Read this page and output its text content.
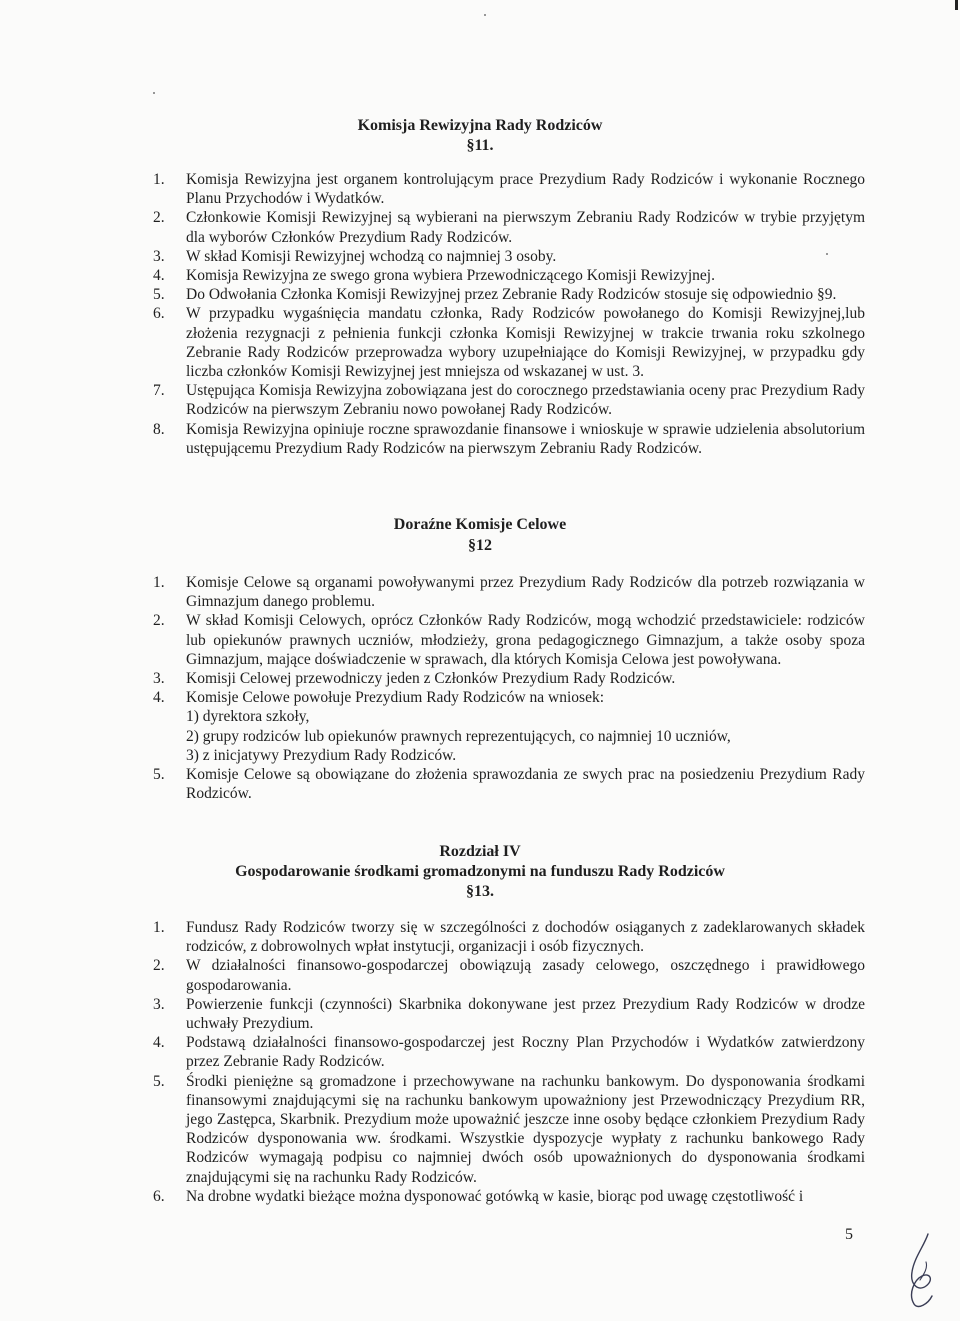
Komisja Rewizyjna Rady Rodziców
§11.
1. Komisja Rewizyjna jest organem kontrolującym prace Prezydium Rady Rodziców i wykonanie Rocznego Planu Przychodów i Wydatków.
2. Członkowie Komisji Rewizyjnej są wybierani na pierwszym Zebraniu Rady Rodziców w trybie przyjętym dla wyborów Członków Prezydium Rady Rodziców.
3. W skład Komisji Rewizyjnej wchodzą co najmniej 3 osoby.
4. Komisja Rewizyjna ze swego grona wybiera Przewodniczącego Komisji Rewizyjnej.
5. Do Odwołania Członka Komisji Rewizyjnej przez Zebranie Rady Rodziców stosuje się odpowiednio §9.
6. W przypadku wygaśnięcia mandatu członka, Rady Rodziców powołanego do Komisji Rewizyjnej,lub złożenia rezygnacji z pełnienia funkcji członka Komisji Rewizyjnej w trakcie trwania roku szkolnego Zebranie Rady Rodziców przeprowadza wybory uzupełniające do Komisji Rewizyjnej, w przypadku gdy liczba członków Komisji Rewizyjnej jest mniejsza od wskazanej w ust. 3.
7. Ustępująca Komisja Rewizyjna zobowiązana jest do corocznego przedstawiania oceny prac Prezydium Rady Rodziców na pierwszym Zebraniu nowo powołanej Rady Rodziców.
8. Komisja Rewizyjna opiniuje roczne sprawozdanie finansowe i wnioskuje w sprawie udzielenia absolutorium ustępującemu Prezydium Rady Rodziców na pierwszym Zebraniu Rady Rodziców.
Doraźne Komisje Celowe
§12
1. Komisje Celowe są organami powoływanymi przez Prezydium Rady Rodziców dla potrzeb rozwiązania w Gimnazjum danego problemu.
2. W skład Komisji Celowych, oprócz Członków Rady Rodziców, mogą wchodzić przedstawiciele: rodziców lub opiekunów prawnych uczniów, młodzieży, grona pedagogicznego Gimnazjum, a także osoby spoza Gimnazjum, mające doświadczenie w sprawach, dla których Komisja Celowa jest powoływana.
3. Komisji Celowej przewodniczy jeden z Członków Prezydium Rady Rodziców.
4. Komisje Celowe powołuje Prezydium Rady Rodziców na wniosek:
1) dyrektora szkoły,
2) grupy rodziców lub opiekunów prawnych reprezentujących, co najmniej 10 uczniów,
3) z inicjatywy Prezydium Rady Rodziców.
5. Komisje Celowe są obowiązane do złożenia sprawozdania ze swych prac na posiedzeniu Prezydium Rady Rodziców.
Rozdział IV
Gospodarowanie środkami gromadzonymi na funduszu Rady Rodziców
§13.
1. Fundusz Rady Rodziców tworzy się w szczególności z dochodów osiąganych z zadeklarowanych składek rodziców, z dobrowolnych wpłat instytucji, organizacji i osób fizycznych.
2. W działalności finansowo-gospodarczej obowiązują zasady celowego, oszczędnego i prawidłowego gospodarowania.
3. Powierzenie funkcji (czynności) Skarbnika dokonywane jest przez Prezydium Rady Rodziców w drodze uchwały Prezydium.
4. Podstawą działalności finansowo-gospodarczej jest Roczny Plan Przychodów i Wydatków zatwierdzony przez Zebranie Rady Rodziców.
5. Środki pieniężne są gromadzone i przechowywane na rachunku bankowym. Do dysponowania środkami finansowymi znajdującymi się na rachunku bankowym upoważniony jest Przewodniczący Prezydium RR, jego Zastępca, Skarbnik. Prezydium może upoważnić jeszcze inne osoby będące członkiem Prezydium Rady Rodziców dysponowania ww. środkami. Wszystkie dyspozycje wypłaty z rachunku bankowego Rady Rodziców wymagają podpisu co najmniej dwóch osób upoważnionych do dysponowania środkami znajdującymi się na rachunku Rady Rodziców.
6. Na drobne wydatki bieżące można dysponować gotówką w kasie, biorąc pod uwagę częstotliwość i
5
